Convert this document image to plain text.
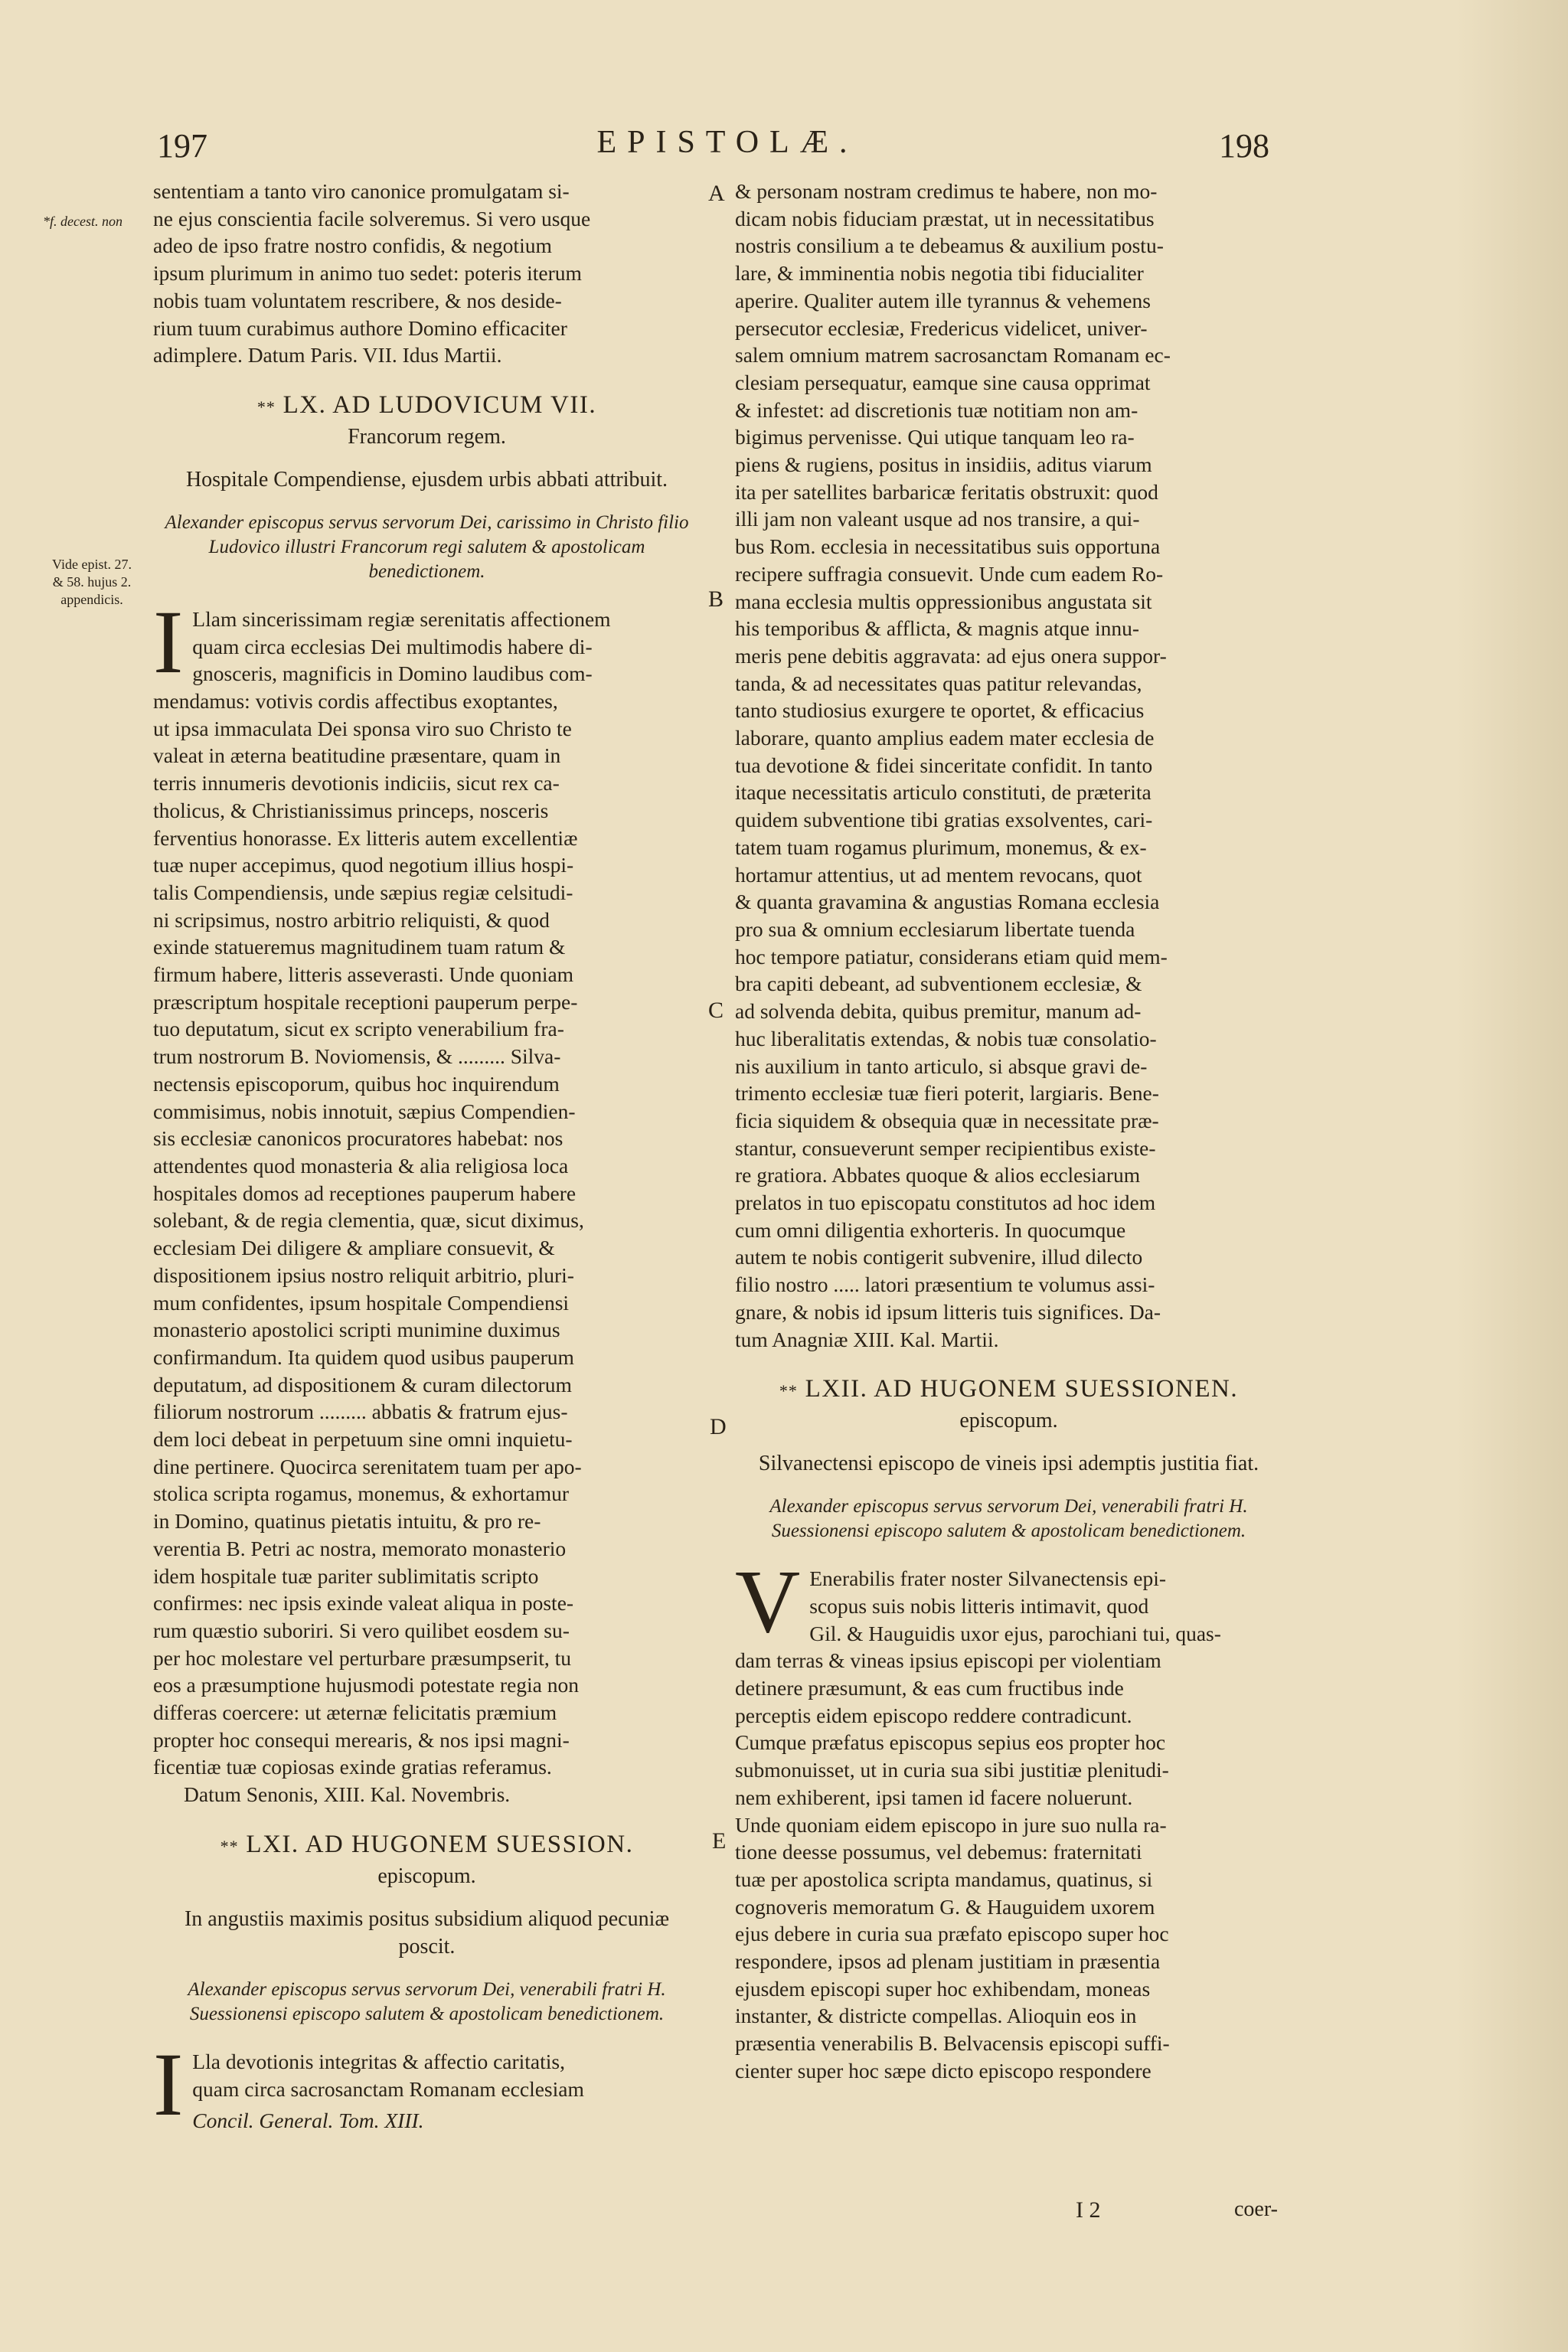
197	EPISTOLÆ.	198
*f. decest. non
Vide epist. 27. & 58. hujus 2. appendicis.
A
B
C
D
E
sententiam a tanto viro canonice promulgatam si-
ne ejus conscientia facile solveremus. Si vero usque
adeo de ipso fratre nostro confidis, & negotium
ipsum plurimum in animo tuo sedet: poteris iterum
nobis tuam voluntatem rescribere, & nos deside-
rium tuum curabimus authore Domino efficaciter
adimplere. Datum Paris. VII. Idus Martii.
** LX. AD LUDOVICUM VII.
Francorum regem.
Hospitale Compendiense, ejusdem urbis abbati attribuit.
Alexander episcopus servus servorum Dei, carissimo in Christo filio Ludovico illustri Francorum regi salutem & apostolicam benedictionem.
I Llam sincerissimam regiæ serenitatis affectionem
quam circa ecclesias Dei multimodis habere di-
gnosceris, magnificis in Domino laudibus com-
mendamus: votivis cordis affectibus exoptantes,
ut ipsa immaculata Dei sponsa viro suo Christo te
valeat in æterna beatitudine præsentare, quam in
terris innumeris devotionis indiciis, sicut rex ca-
tholicus, & Christianissimus princeps, nosceris
ferventius honorasse. Ex litteris autem excellentiæ
tuæ nuper accepimus, quod negotium illius hospi-
talis Compendiensis, unde sæpius regiæ celsitudi-
ni scripsimus, nostro arbitrio reliquisti, & quod
exinde statueremus magnitudinem tuam ratum &
firmum habere, litteris asseverasti. Unde quoniam
præscriptum hospitale receptioni pauperum perpe-
tuo deputatum, sicut ex scripto venerabilium fra-
trum nostrorum B. Noviomensis, & ......... Silva-
nectensis episcoporum, quibus hoc inquirendum
commisimus, nobis innotuit, sæpius Compendien-
sis ecclesiæ canonicos procuratores habebat: nos
attendentes quod monasteria & alia religiosa loca
hospitales domos ad receptiones pauperum habere
solebant, & de regia clementia, quæ, sicut diximus,
ecclesiam Dei diligere & ampliare consuevit, &
dispositionem ipsius nostro reliquit arbitrio, pluri-
mum confidentes, ipsum hospitale Compendiensi
monasterio apostolici scripti munimine duximus
confirmandum. Ita quidem quod usibus pauperum
deputatum, ad dispositionem & curam dilectorum
filiorum nostrorum ......... abbatis & fratrum ejus-
dem loci debeat in perpetuum sine omni inquietu-
dine pertinere. Quocirca serenitatem tuam per apo-
stolica scripta rogamus, monemus, & exhortamur
in Domino, quatinus pietatis intuitu, & pro re-
verentia B. Petri ac nostra, memorato monasterio
idem hospitale tuæ pariter sublimitatis scripto
confirmes: nec ipsis exinde valeat aliqua in poste-
rum quæstio suboriri. Si vero quilibet eosdem su-
per hoc molestare vel perturbare præsumpserit, tu
eos a præsumptione hujusmodi potestate regia non
differas coercere: ut æternæ felicitatis præmium
propter hoc consequi merearis, & nos ipsi magni-
ficentiæ tuæ copiosas exinde gratias referamus.
Datum Senonis, XIII. Kal. Novembris.
** LXI. AD HUGONEM SUESSION.
episcopum.
In angustiis maximis positus subsidium aliquod pecuniæ poscit.
Alexander episcopus servus servorum Dei, venerabili fratri H. Suessionensi episcopo salutem & apostolicam benedictionem.
I Lla devotionis integritas & affectio caritatis,
quam circa sacrosanctam Romanam ecclesiam
Concil. General. Tom. XIII.
& personam nostram credimus te habere, non mo-
dicam nobis fiduciam præstat, ut in necessitatibus
nostris consilium a te debeamus & auxilium postu-
lare, & imminentia nobis negotia tibi fiducialiter
aperire. Qualiter autem ille tyrannus & vehemens
persecutor ecclesiæ, Fredericus videlicet, univer-
salem omnium matrem sacrosanctam Romanam ec-
clesiam persequatur, eamque sine causa opprimat
& infestet: ad discretionis tuæ notitiam non am-
bigimus pervenisse. Qui utique tanquam leo ra-
piens & rugiens, positus in insidiis, aditus viarum
ita per satellites barbaricæ feritatis obstruxit: quod
illi jam non valeant usque ad nos transire, a qui-
bus Rom. ecclesia in necessitatibus suis opportuna
recipere suffragia consuevit. Unde cum eadem Ro-
mana ecclesia multis oppressionibus angustata sit
his temporibus & afflicta, & magnis atque innu-
meris pene debitis aggravata: ad ejus onera suppor-
tanda, & ad necessitates quas patitur relevandas,
tanto studiosius exurgere te oportet, & efficacius
laborare, quanto amplius eadem mater ecclesia de
tua devotione & fidei sinceritate confidit. In tanto
itaque necessitatis articulo constituti, de præterita
quidem subventione tibi gratias exsolventes, cari-
tatem tuam rogamus plurimum, monemus, & ex-
hortamur attentius, ut ad mentem revocans, quot
& quanta gravamina & angustias Romana ecclesia
pro sua & omnium ecclesiarum libertate tuenda
hoc tempore patiatur, considerans etiam quid mem-
bra capiti debeant, ad subventionem ecclesiæ, &
ad solvenda debita, quibus premitur, manum ad-
huc liberalitatis extendas, & nobis tuæ consolatio-
nis auxilium in tanto articulo, si absque gravi de-
trimento ecclesiæ tuæ fieri poterit, largiaris. Bene-
ficia siquidem & obsequia quæ in necessitate præ-
stantur, consueverunt semper recipientibus existe-
re gratiora. Abbates quoque & alios ecclesiarum
prelatos in tuo episcopatu constitutos ad hoc idem
cum omni diligentia exhorteris. In quocumque
autem te nobis contigerit subvenire, illud dilecto
filio nostro ..... latori præsentium te volumus assi-
gnare, & nobis id ipsum litteris tuis significes. Da-
tum Anagniæ XIII. Kal. Martii.
** LXII. AD HUGONEM SUESSIONEN.
episcopum.
Silvanectensi episcopo de vineis ipsi ademptis justitia fiat.
Alexander episcopus servus servorum Dei, venerabili fratri H. Suessionensi episcopo salutem & apostolicam benedictionem.
V Enerabilis frater noster Silvanectensis epi-
scopus suis nobis litteris intimavit, quod
Gil. & Hauguidis uxor ejus, parochiani tui, quas-
dam terras & vineas ipsius episcopi per violentiam
detinere præsumunt, & eas cum fructibus inde
perceptis eidem episcopo reddere contradicunt.
Cumque præfatus episcopus sepius eos propter hoc
submonuisset, ut in curia sua sibi justitiæ plenitudi-
nem exhiberent, ipsi tamen id facere noluerunt.
Unde quoniam eidem episcopo in jure suo nulla ra-
tione deesse possumus, vel debemus: fraternitati
tuæ per apostolica scripta mandamus, quatinus, si
cognoveris memoratum G. & Hauguidem uxorem
ejus debere in curia sua præfato episcopo super hoc
respondere, ipsos ad plenam justitiam in præsentia
ejusdem episcopi super hoc exhibendam, moneas
instanter, & districte compellas. Alioquin eos in
præsentia venerabilis B. Belvacensis episcopi suffi-
cienter super hoc sæpe dicto episcopo respondere
I 2	coer-
